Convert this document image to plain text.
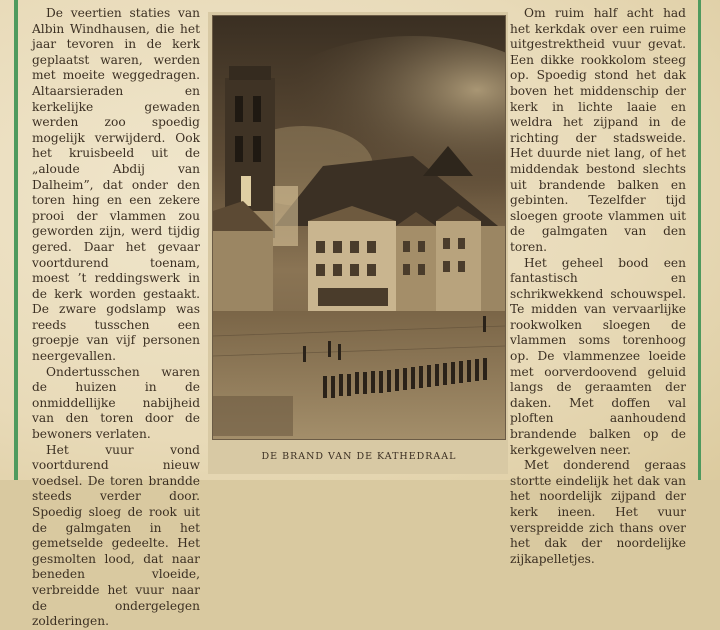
De veertien staties van Albin Windhausen, die het jaar tevoren in de kerk geplaatst waren, werden met moeite weggedragen. Altaarsieraden en kerkelijke gewaden werden zoo spoedig mogelijk verwijderd. Ook het kruisbeeld uit de „aloude Abdij van Dalheim”, dat onder den toren hing en een zekere prooi der vlammen zou geworden zijn, werd tijdig gered. Daar het gevaar voortdurend toenam, moest ’t reddingswerk in de kerk worden gestaakt. De zware godslamp was reeds tusschen een groepje van vijf personen neergevallen.

Ondertusschen waren de huizen in de onmiddellijke nabijheid van den toren door de bewoners verlaten.

Het vuur vond voortdurend nieuw voedsel. De toren brandde steeds verder door. Spoedig sloeg de rook uit de galmgaten in het gemetselde gedeelte. Het gesmolten lood, dat naar beneden vloeide, verbreidde het vuur naar de ondergelegen zolderingen.

DE BRAND VAN DE KATHEDRAAL

Om ruim half acht had het kerkdak over een ruime uitgestrektheid vuur gevat. Een dikke rookkolom steeg op. Spoedig stond het dak boven het middenschip der kerk in lichte laaie en weldra het zijpand in de richting der stadsweide. Het duurde niet lang, of het middendak bestond slechts uit brandende balken en gebinten. Tezelfder tijd sloegen groote vlammen uit de galmgaten van den toren.

Het geheel bood een fantastisch en schrikwekkend schouwspel. Te midden van vervaarlijke rookwolken sloegen de vlammen soms torenhoog op. De vlammenzee loeide met oorverdoovend geluid langs de geraamten der daken. Met doffen val ploften aanhoudend brandende balken op de kerkgewelven neer.

Met donderend geraas stortte eindelijk het dak van het noordelijk zijpand der kerk ineen. Het vuur verspreidde zich thans over het dak der noordelijke zijkapelletjes.
